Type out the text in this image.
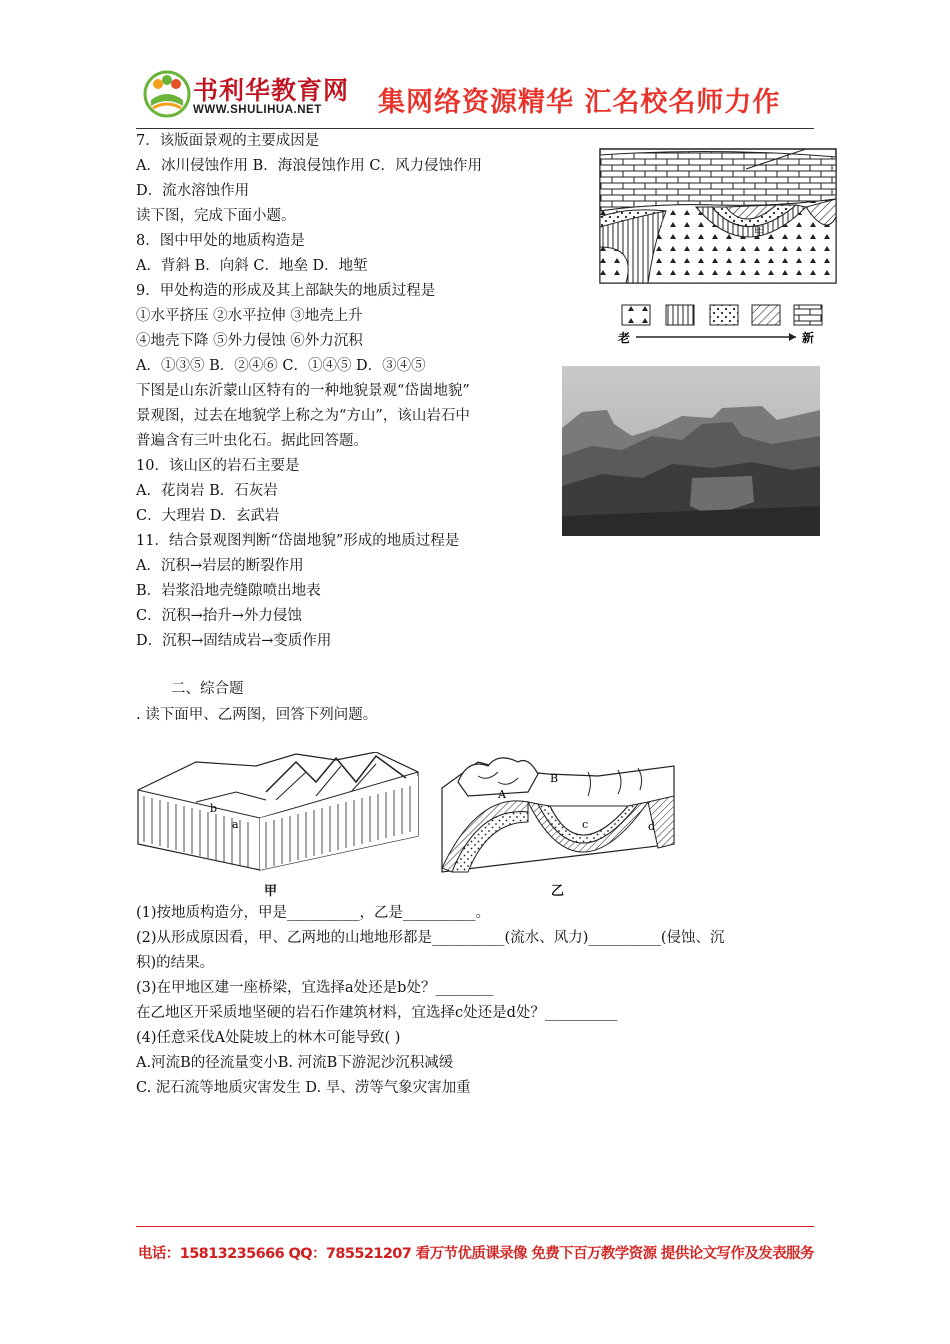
书利华教育网
WWW.SHULIHUA.NET 集网络资源精华 汇名校名师力作
7．该版面景观的主要成因是
A．冰川侵蚀作用 B．海浪侵蚀作用 C．风力侵蚀作用
D．流水溶蚀作用
读下图，完成下面小题。
8．图中甲处的地质构造是
A．背斜 B．向斜 C．地垒 D．地堑
9．甲处构造的形成及其上部缺失的地质过程是
①水平挤压 ②水平拉伸 ③地壳上升
④地壳下降 ⑤外力侵蚀 ⑥外力沉积
A．①③⑤ B．②④⑥ C．①④⑤ D．③④⑤
下图是山东沂蒙山区特有的一种地貌景观“岱崮地貌”
景观图，过去在地貌学上称之为“方山”，该山岩石中
普遍含有三叶虫化石。据此回答题。
10．该山区的岩石主要是
A．花岗岩 B．石灰岩
C．大理岩 D．玄武岩
11．结合景观图判断“岱崮地貌”形成的地质过程是
A．沉积→岩层的断裂作用
B．岩浆沿地壳缝隙喷出地表
C．沉积→抬升→外力侵蚀
D．沉积→固结成岩→变质作用
甲
老	新
二、综合题
. 读下面甲、乙两图，回答下列问题。
b
a
甲
B
A
c	d
乙
(1)按地质构造分，甲是__________，乙是__________。
(2)从形成原因看，甲、乙两地的山地地形都是__________(流水、风力)__________(侵蚀、沉
积)的结果。
(3)在甲地区建一座桥梁，宜选择a处还是b处？________
在乙地区开采质地坚硬的岩石作建筑材料，宜选择c处还是d处？__________
(4)任意采伐A处陡坡上的林木可能导致( )
A.河流B的径流量变小B. 河流B下游泥沙沉积减缓
C. 泥石流等地质灾害发生 D. 旱、涝等气象灾害加重
电话：15813235666 QQ：785521207 看万节优质课录像 免费下百万教学资源 提供论文写作及发表服务
